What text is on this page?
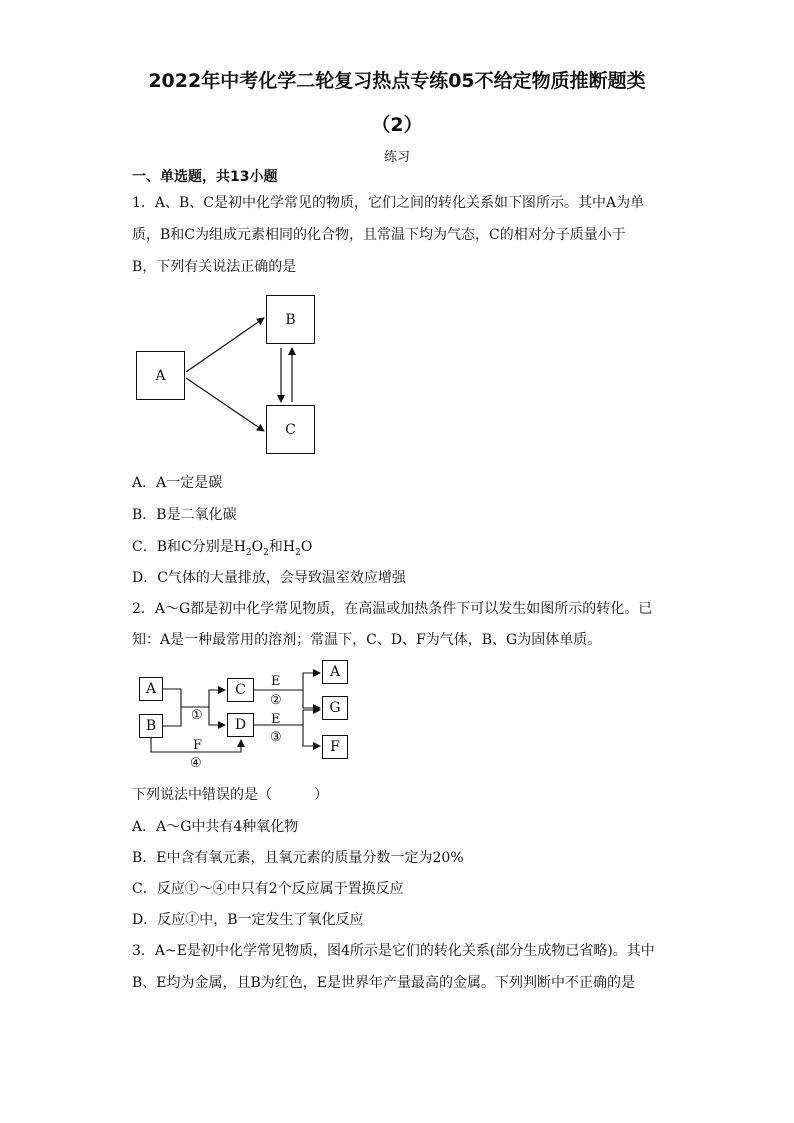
2022年中考化学二轮复习热点专练05不给定物质推断题类
（2）
练习
一、单选题，共13小题
1．A、B、C是初中化学常见的物质，它们之间的转化关系如下图所示。其中A为单
质，B和C为组成元素相同的化合物，且常温下均为气态，C的相对分子质量小于
B，下列有关说法正确的是
A
B
C
A．A一定是碳
B．B是二氧化碳
C．B和C分别是$H_2O_2$和$H_2O$
D．C气体的大量排放，会导致温室效应增强
2．A～G都是初中化学常见物质，在高温或加热条件下可以发生如图所示的转化。已
知：A是一种最常用的溶剂；常温下，C、D、F为气体，B、G为固体单质。
A
B
C
D
A
G
F
E
②
E
③
①
F
④
下列说法中错误的是（　　　）
A．A～G中共有4种氧化物
B．E中含有氧元素，且氧元素的质量分数一定为20%
C．反应①～④中只有2个反应属于置换反应
D．反应①中，B一定发生了氧化反应
3．A~E是初中化学常见物质，图4所示是它们的转化关系(部分生成物已省略)。其中
B、E均为金属，且B为红色，E是世界年产量最高的金属。下列判断中不正确的是
